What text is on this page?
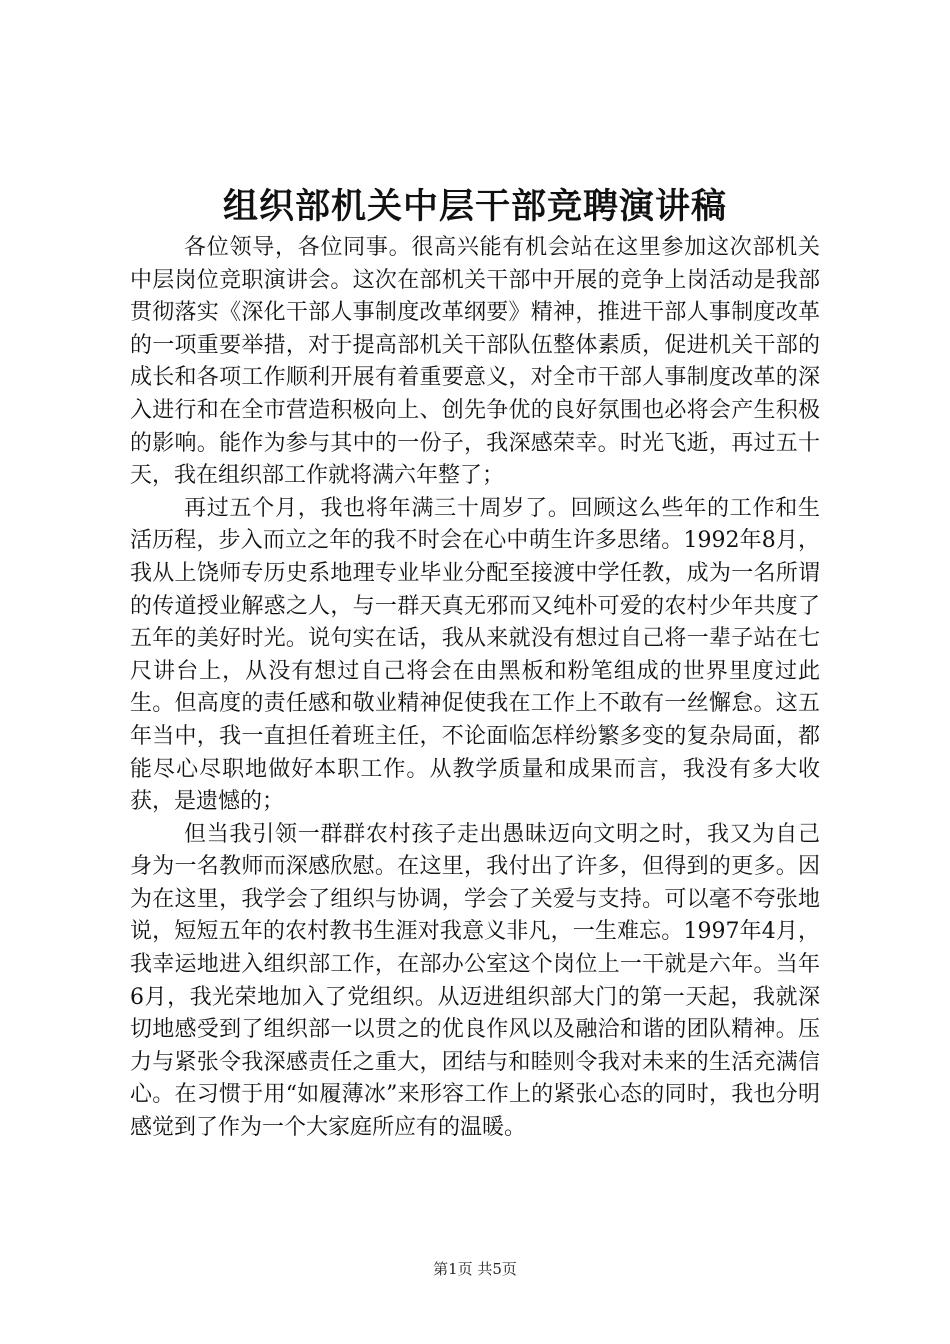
组织部机关中层干部竞聘演讲稿

各位领导，各位同事。很高兴能有机会站在这里参加这次部机关中层岗位竞职演讲会。这次在部机关干部中开展的竞争上岗活动是我部贯彻落实《深化干部人事制度改革纲要》精神，推进干部人事制度改革的一项重要举措，对于提高部机关干部队伍整体素质，促进机关干部的成长和各项工作顺利开展有着重要意义，对全市干部人事制度改革的深入进行和在全市营造积极向上、创先争优的良好氛围也必将会产生积极的影响。能作为参与其中的一份子，我深感荣幸。时光飞逝，再过五十天，我在组织部工作就将满六年整了；

再过五个月，我也将年满三十周岁了。回顾这么些年的工作和生活历程，步入而立之年的我不时会在心中萌生许多思绪。1992年8月，我从上饶师专历史系地理专业毕业分配至接渡中学任教，成为一名所谓的传道授业解惑之人，与一群天真无邪而又纯朴可爱的农村少年共度了五年的美好时光。说句实在话，我从来就没有想过自己将一辈子站在七尺讲台上，从没有想过自己将会在由黑板和粉笔组成的世界里度过此生。但高度的责任感和敬业精神促使我在工作上不敢有一丝懈怠。这五年当中，我一直担任着班主任，不论面临怎样纷繁多变的复杂局面，都能尽心尽职地做好本职工作。从教学质量和成果而言，我没有多大收获，是遗憾的；

但当我引领一群群农村孩子走出愚昧迈向文明之时，我又为自己身为一名教师而深感欣慰。在这里，我付出了许多，但得到的更多。因为在这里，我学会了组织与协调，学会了关爱与支持。可以毫不夸张地说，短短五年的农村教书生涯对我意义非凡，一生难忘。1997年4月，我幸运地进入组织部工作，在部办公室这个岗位上一干就是六年。当年6月，我光荣地加入了党组织。从迈进组织部大门的第一天起，我就深切地感受到了组织部一以贯之的优良作风以及融洽和谐的团队精神。压力与紧张令我深感责任之重大，团结与和睦则令我对未来的生活充满信心。在习惯于用“如履薄冰”来形容工作上的紧张心态的同时，我也分明感觉到了作为一个大家庭所应有的温暖。

第1页 共5页
